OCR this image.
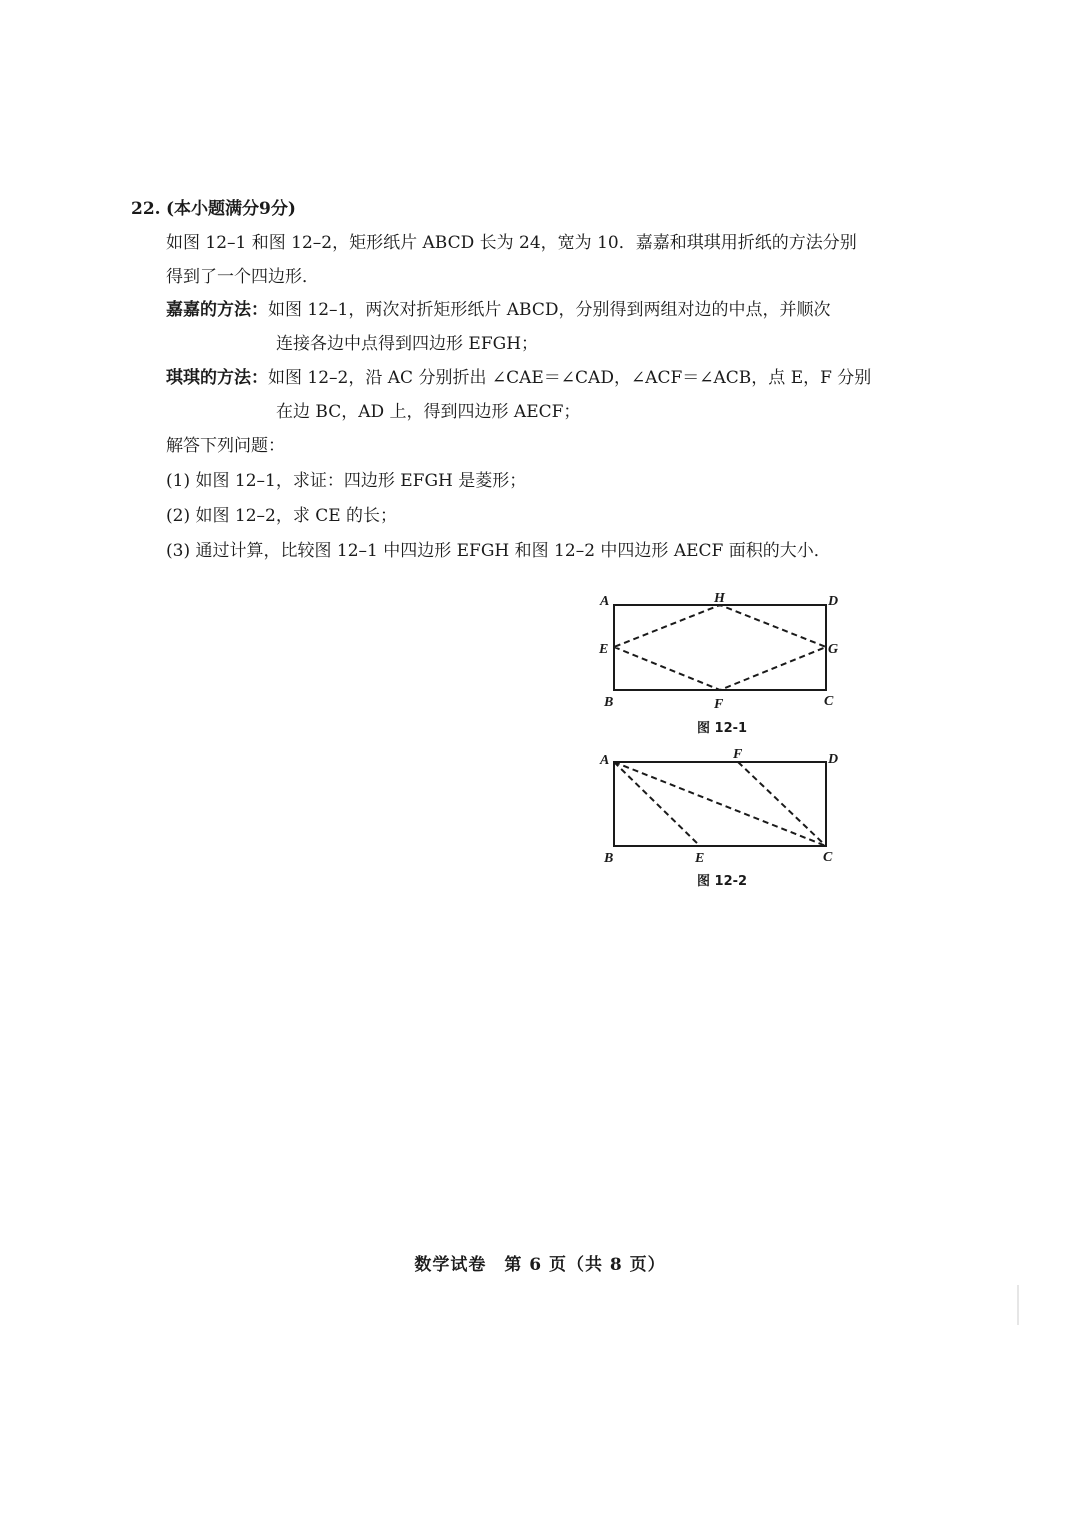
22. (本小题满分9分)
如图 12–1 和图 12–2，矩形纸片 ABCD 长为 24，宽为 10．嘉嘉和琪琪用折纸的方法分别
得到了一个四边形．
嘉嘉的方法： 如图 12–1，两次对折矩形纸片 ABCD，分别得到两组对边的中点，并顺次
连接各边中点得到四边形 EFGH；
琪琪的方法： 如图 12–2，沿 AC 分别折出 ∠CAE＝∠CAD，∠ACF＝∠ACB，点 E，F 分别
在边 BC，AD 上，得到四边形 AECF；
解答下列问题：
(1) 如图 12–1，求证：四边形 EFGH 是菱形；
(2) 如图 12–2，求 CE 的长；
(3) 通过计算，比较图 12–1 中四边形 EFGH 和图 12–2 中四边形 AECF 面积的大小．
A	H	D
E	G
B	F	C
图 12-1
A	F	D
B	E	C
图 12-2
数学试卷　第 6 页（共 8 页）
